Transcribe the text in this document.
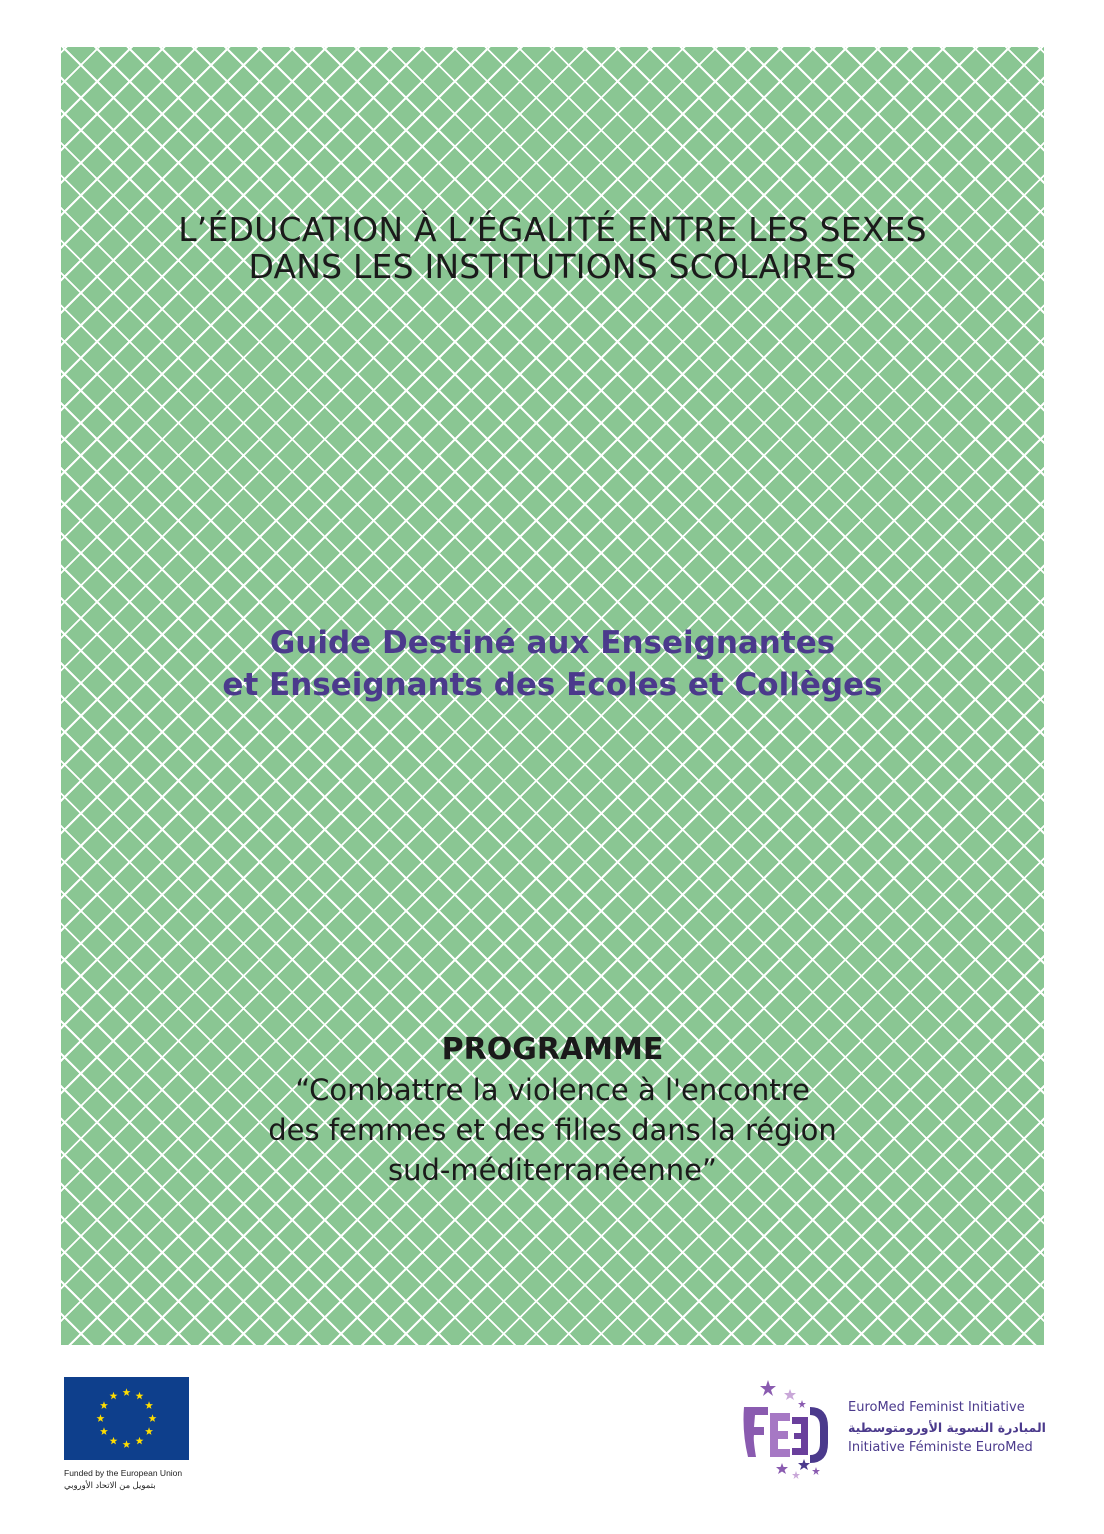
L’ÉDUCATION À L’ÉGALITÉ ENTRE LES SEXES
DANS LES INSTITUTIONS SCOLAIRES
Guide Destiné aux Enseignantes
et Enseignants des Ecoles et Collèges
PROGRAMME
“Combattre la violence à l'encontre
des femmes et des filles dans la région
sud-méditerranéenne”
Funded by the European Union
بتمويل من الاتحاد الأوروبي
EuroMed Feminist Initiative
المبادرة النسوية الأورومتوسطية
Initiative Féministe EuroMed
